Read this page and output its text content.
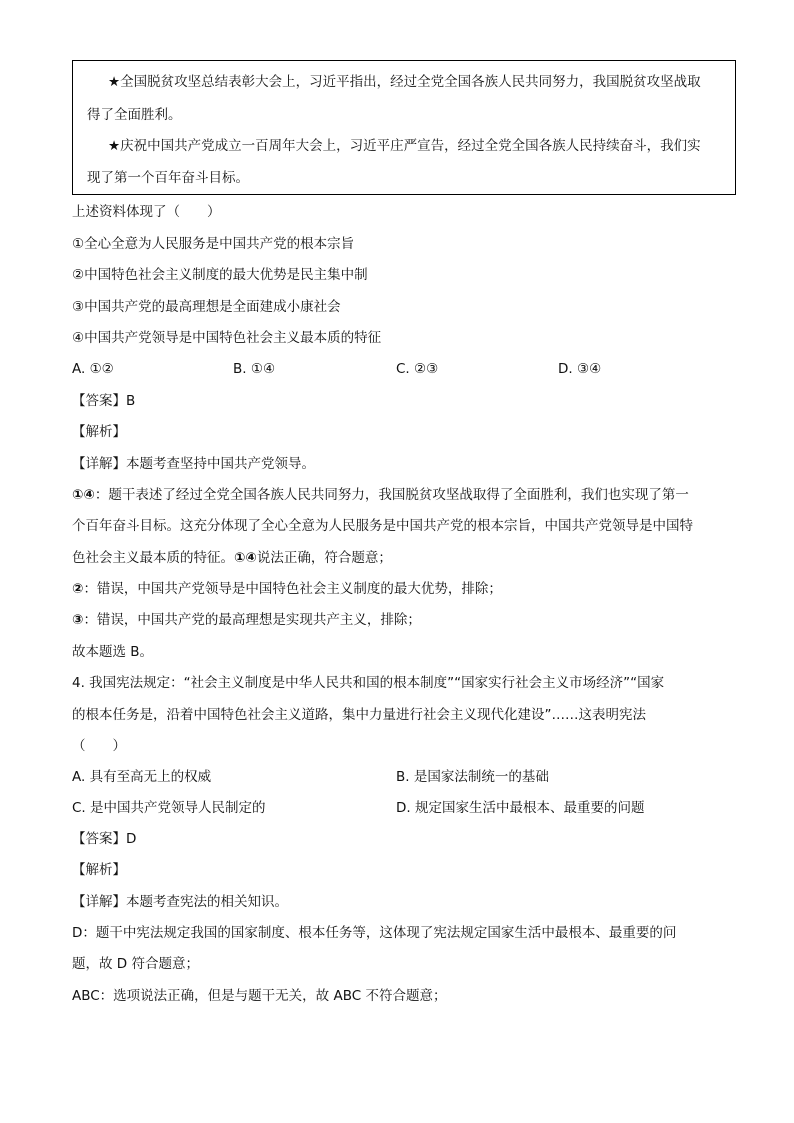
★全国脱贫攻坚总结表彰大会上，习近平指出，经过全党全国各族人民共同努力，我国脱贫攻坚战取
得了全面胜利。
★庆祝中国共产党成立一百周年大会上，习近平庄严宣告，经过全党全国各族人民持续奋斗，我们实
现了第一个百年奋斗目标。
上述资料体现了（　　）
①全心全意为人民服务是中国共产党的根本宗旨
②中国特色社会主义制度的最大优势是民主集中制
③中国共产党的最高理想是全面建成小康社会
④中国共产党领导是中国特色社会主义最本质的特征
A. ①②	B. ①④	C. ②③	D. ③④
【答案】B
【解析】
【详解】本题考查坚持中国共产党领导。
①④：题干表述了经过全党全国各族人民共同努力，我国脱贫攻坚战取得了全面胜利，我们也实现了第一
个百年奋斗目标。这充分体现了全心全意为人民服务是中国共产党的根本宗旨，中国共产党领导是中国特
色社会主义最本质的特征。①④说法正确，符合题意；
②：错误，中国共产党领导是中国特色社会主义制度的最大优势，排除；
③：错误，中国共产党的最高理想是实现共产主义，排除；
故本题选 B。
4. 我国宪法规定：“社会主义制度是中华人民共和国的根本制度”“国家实行社会主义市场经济”“国家
的根本任务是，沿着中国特色社会主义道路，集中力量进行社会主义现代化建设”……这表明宪法
（　　）
A. 具有至高无上的权威	B. 是国家法制统一的基础
C. 是中国共产党领导人民制定的	D. 规定国家生活中最根本、最重要的问题
【答案】D
【解析】
【详解】本题考查宪法的相关知识。
D：题干中宪法规定我国的国家制度、根本任务等，这体现了宪法规定国家生活中最根本、最重要的问
题，故 D 符合题意；
ABC：选项说法正确，但是与题干无关，故 ABC 不符合题意；
